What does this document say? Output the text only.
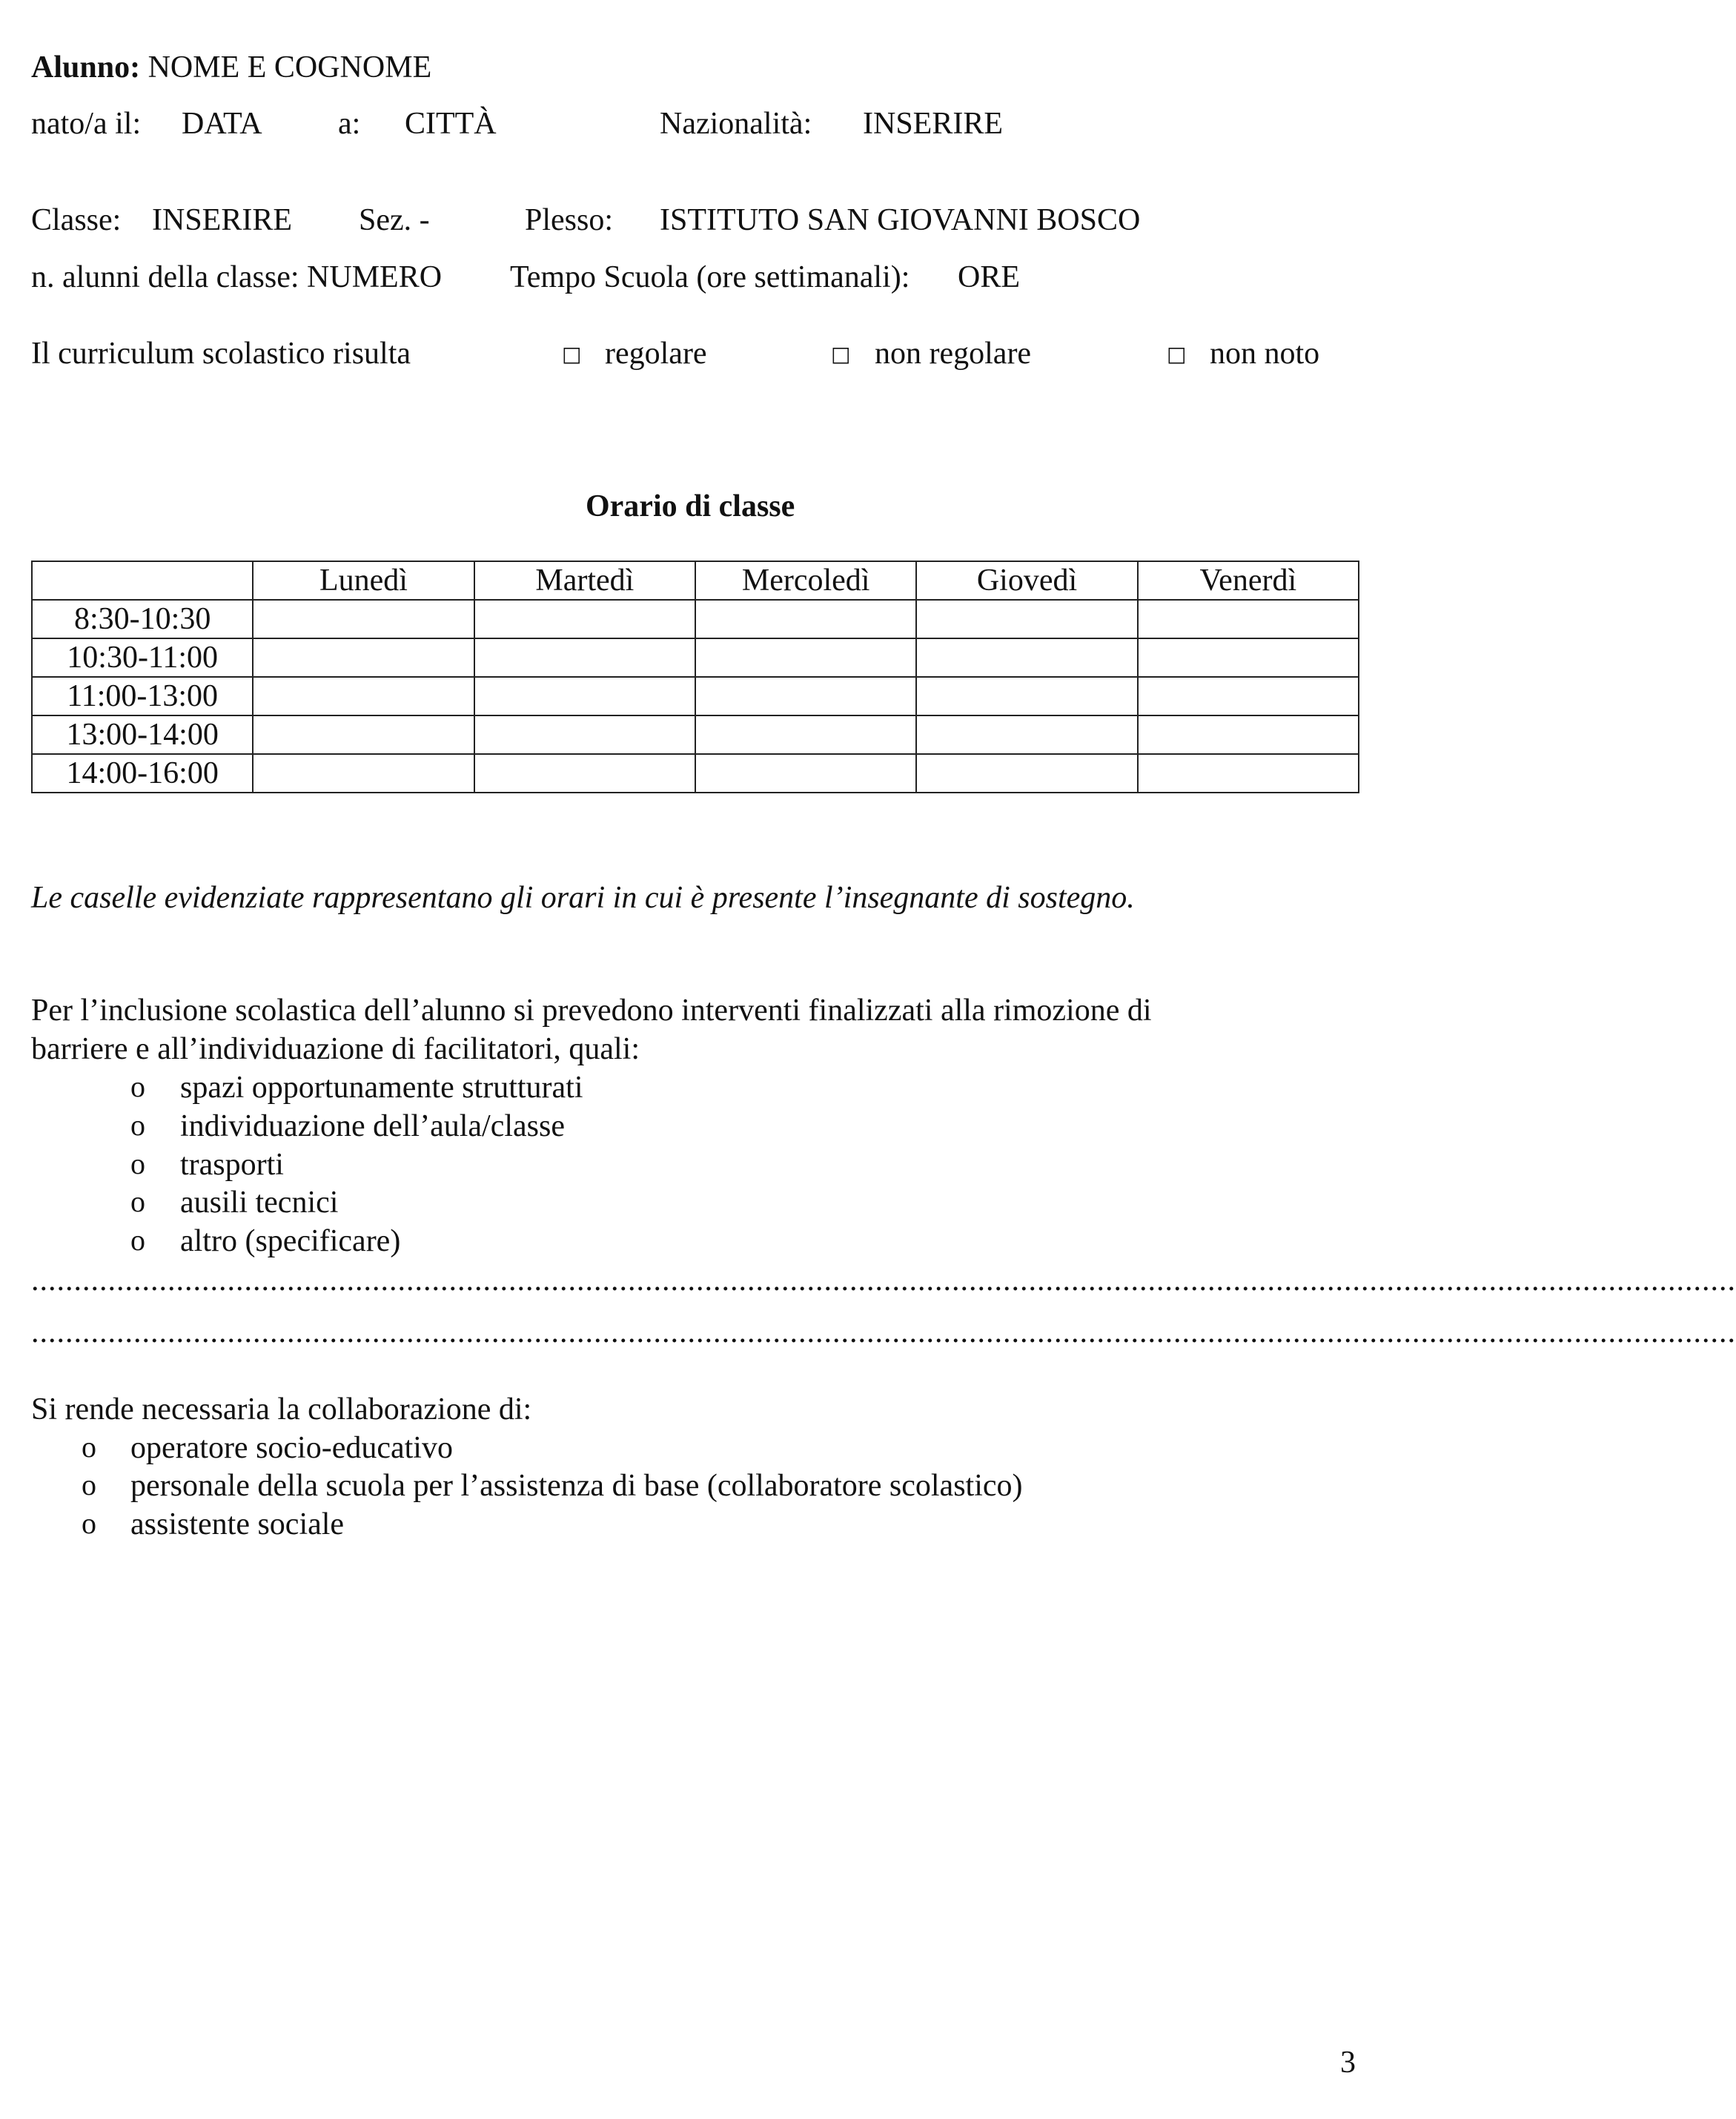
Alunno: NOME E COGNOME
nato/a il: DATA a: CITTÀ	Nazionalità: INSERIRE
Classe: INSERIRE Sez. -	Plesso: ISTITUTO SAN GIOVANNI BOSCO
n. alunni della classe: NUMERO Tempo Scuola (ore settimanali): ORE
Il curriculum scolastico risulta	□ regolare	□ non regolare	□ non noto
Orario di classe
	Lunedì	Martedì	Mercoledì	Giovedì	Venerdì
8:30-10:30					
10:30-11:00					
11:00-13:00					
13:00-14:00					
14:00-16:00					
Le caselle evidenziate rappresentano gli orari in cui è presente l’insegnante di sostegno.
Per l’inclusione scolastica dell’alunno si prevedono interventi finalizzati alla rimozione di
barriere e all’individuazione di facilitatori, quali:
o spazi opportunamente strutturati
o individuazione dell’aula/classe
o trasporti
o ausili tecnici
o altro (specificare)
........................................................................................................................................................................................................
........................................................................................................................................................................................................
Si rende necessaria la collaborazione di:
o operatore socio-educativo
o personale della scuola per l’assistenza di base (collaboratore scolastico)
o assistente sociale
3
